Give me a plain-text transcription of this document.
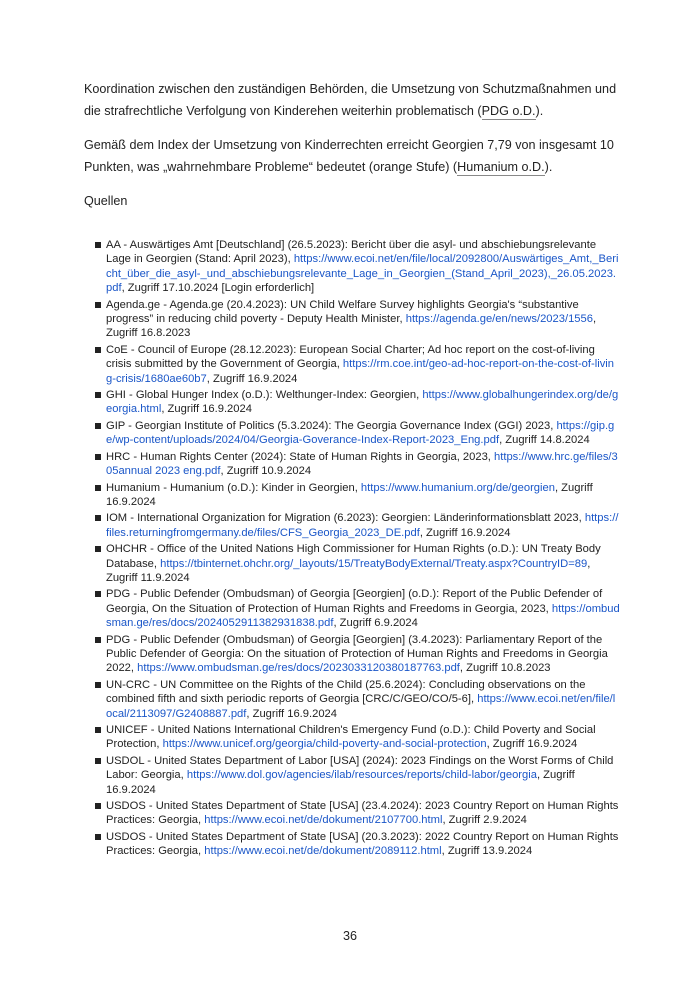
Koordination zwischen den zuständigen Behörden, die Umsetzung von Schutzmaßnahmen und die strafrechtliche Verfolgung von Kinderehen weiterhin problematisch (PDG o.D.).

Gemäß dem Index der Umsetzung von Kinderrechten erreicht Georgien 7,79 von insgesamt 10 Punkten, was „wahrnehmbare Probleme“ bedeutet (orange Stufe) (Humanium o.D.).

Quellen

AA - Auswärtiges Amt [Deutschland] (26.5.2023): Bericht über die asyl- und abschiebungsrelevante Lage in Georgien (Stand: April 2023), https://www.ecoi.net/en/file/local/2092800/Auswärtiges_Amt,_Bericht_über_die_asyl-_und_abschiebungsrelevante_Lage_in_Georgien_(Stand_April_2023),_26.05.2023.pdf, Zugriff 17.10.2024 [Login erforderlich]
Agenda.ge - Agenda.ge (20.4.2023): UN Child Welfare Survey highlights Georgia's “substantive progress” in reducing child poverty - Deputy Health Minister, https://agenda.ge/en/news/2023/1556, Zugriff 16.8.2023
CoE - Council of Europe (28.12.2023): European Social Charter; Ad hoc report on the cost-of-living crisis submitted by the Government of Georgia, https://rm.coe.int/geo-ad-hoc-report-on-the-cost-of-living-crisis/1680ae60b7, Zugriff 16.9.2024
GHI - Global Hunger Index (o.D.): Welthunger-Index: Georgien, https://www.globalhungerindex.org/de/georgia.html, Zugriff 16.9.2024
GIP - Georgian Institute of Politics (5.3.2024): The Georgia Governance Index (GGI) 2023, https://gip.ge/wp-content/uploads/2024/04/Georgia-Goverance-Index-Report-2023_Eng.pdf, Zugriff 14.8.2024
HRC - Human Rights Center (2024): State of Human Rights in Georgia, 2023, https://www.hrc.ge/files/305annual 2023 eng.pdf, Zugriff 10.9.2024
Humanium - Humanium (o.D.): Kinder in Georgien, https://www.humanium.org/de/georgien, Zugriff 16.9.2024
IOM - International Organization for Migration (6.2023): Georgien: Länderinformationsblatt 2023, https://files.returningfromgermany.de/files/CFS_Georgia_2023_DE.pdf, Zugriff 16.9.2024
OHCHR - Office of the United Nations High Commissioner for Human Rights (o.D.): UN Treaty Body Database, https://tbinternet.ohchr.org/_layouts/15/TreatyBodyExternal/Treaty.aspx?CountryID=89, Zugriff 11.9.2024
PDG - Public Defender (Ombudsman) of Georgia [Georgien] (o.D.): Report of the Public Defender of Georgia, On the Situation of Protection of Human Rights and Freedoms in Georgia, 2023, https://ombudsman.ge/res/docs/2024052911382931838.pdf, Zugriff 6.9.2024
PDG - Public Defender (Ombudsman) of Georgia [Georgien] (3.4.2023): Parliamentary Report of the Public Defender of Georgia: On the situation of Protection of Human Rights and Freedoms in Georgia 2022, https://www.ombudsman.ge/res/docs/2023033120380187763.pdf, Zugriff 10.8.2023
UN-CRC - UN Committee on the Rights of the Child (25.6.2024): Concluding observations on the combined fifth and sixth periodic reports of Georgia [CRC/C/GEO/CO/5-6], https://www.ecoi.net/en/file/local/2113097/G2408887.pdf, Zugriff 16.9.2024
UNICEF - United Nations International Children's Emergency Fund (o.D.): Child Poverty and Social Protection, https://www.unicef.org/georgia/child-poverty-and-social-protection, Zugriff 16.9.2024
USDOL - United States Department of Labor [USA] (2024): 2023 Findings on the Worst Forms of Child Labor: Georgia, https://www.dol.gov/agencies/ilab/resources/reports/child-labor/georgia, Zugriff 16.9.2024
USDOS - United States Department of State [USA] (23.4.2024): 2023 Country Report on Human Rights Practices: Georgia, https://www.ecoi.net/de/dokument/2107700.html, Zugriff 2.9.2024
USDOS - United States Department of State [USA] (20.3.2023): 2022 Country Report on Human Rights Practices: Georgia, https://www.ecoi.net/de/dokument/2089112.html, Zugriff 13.9.2024
36
